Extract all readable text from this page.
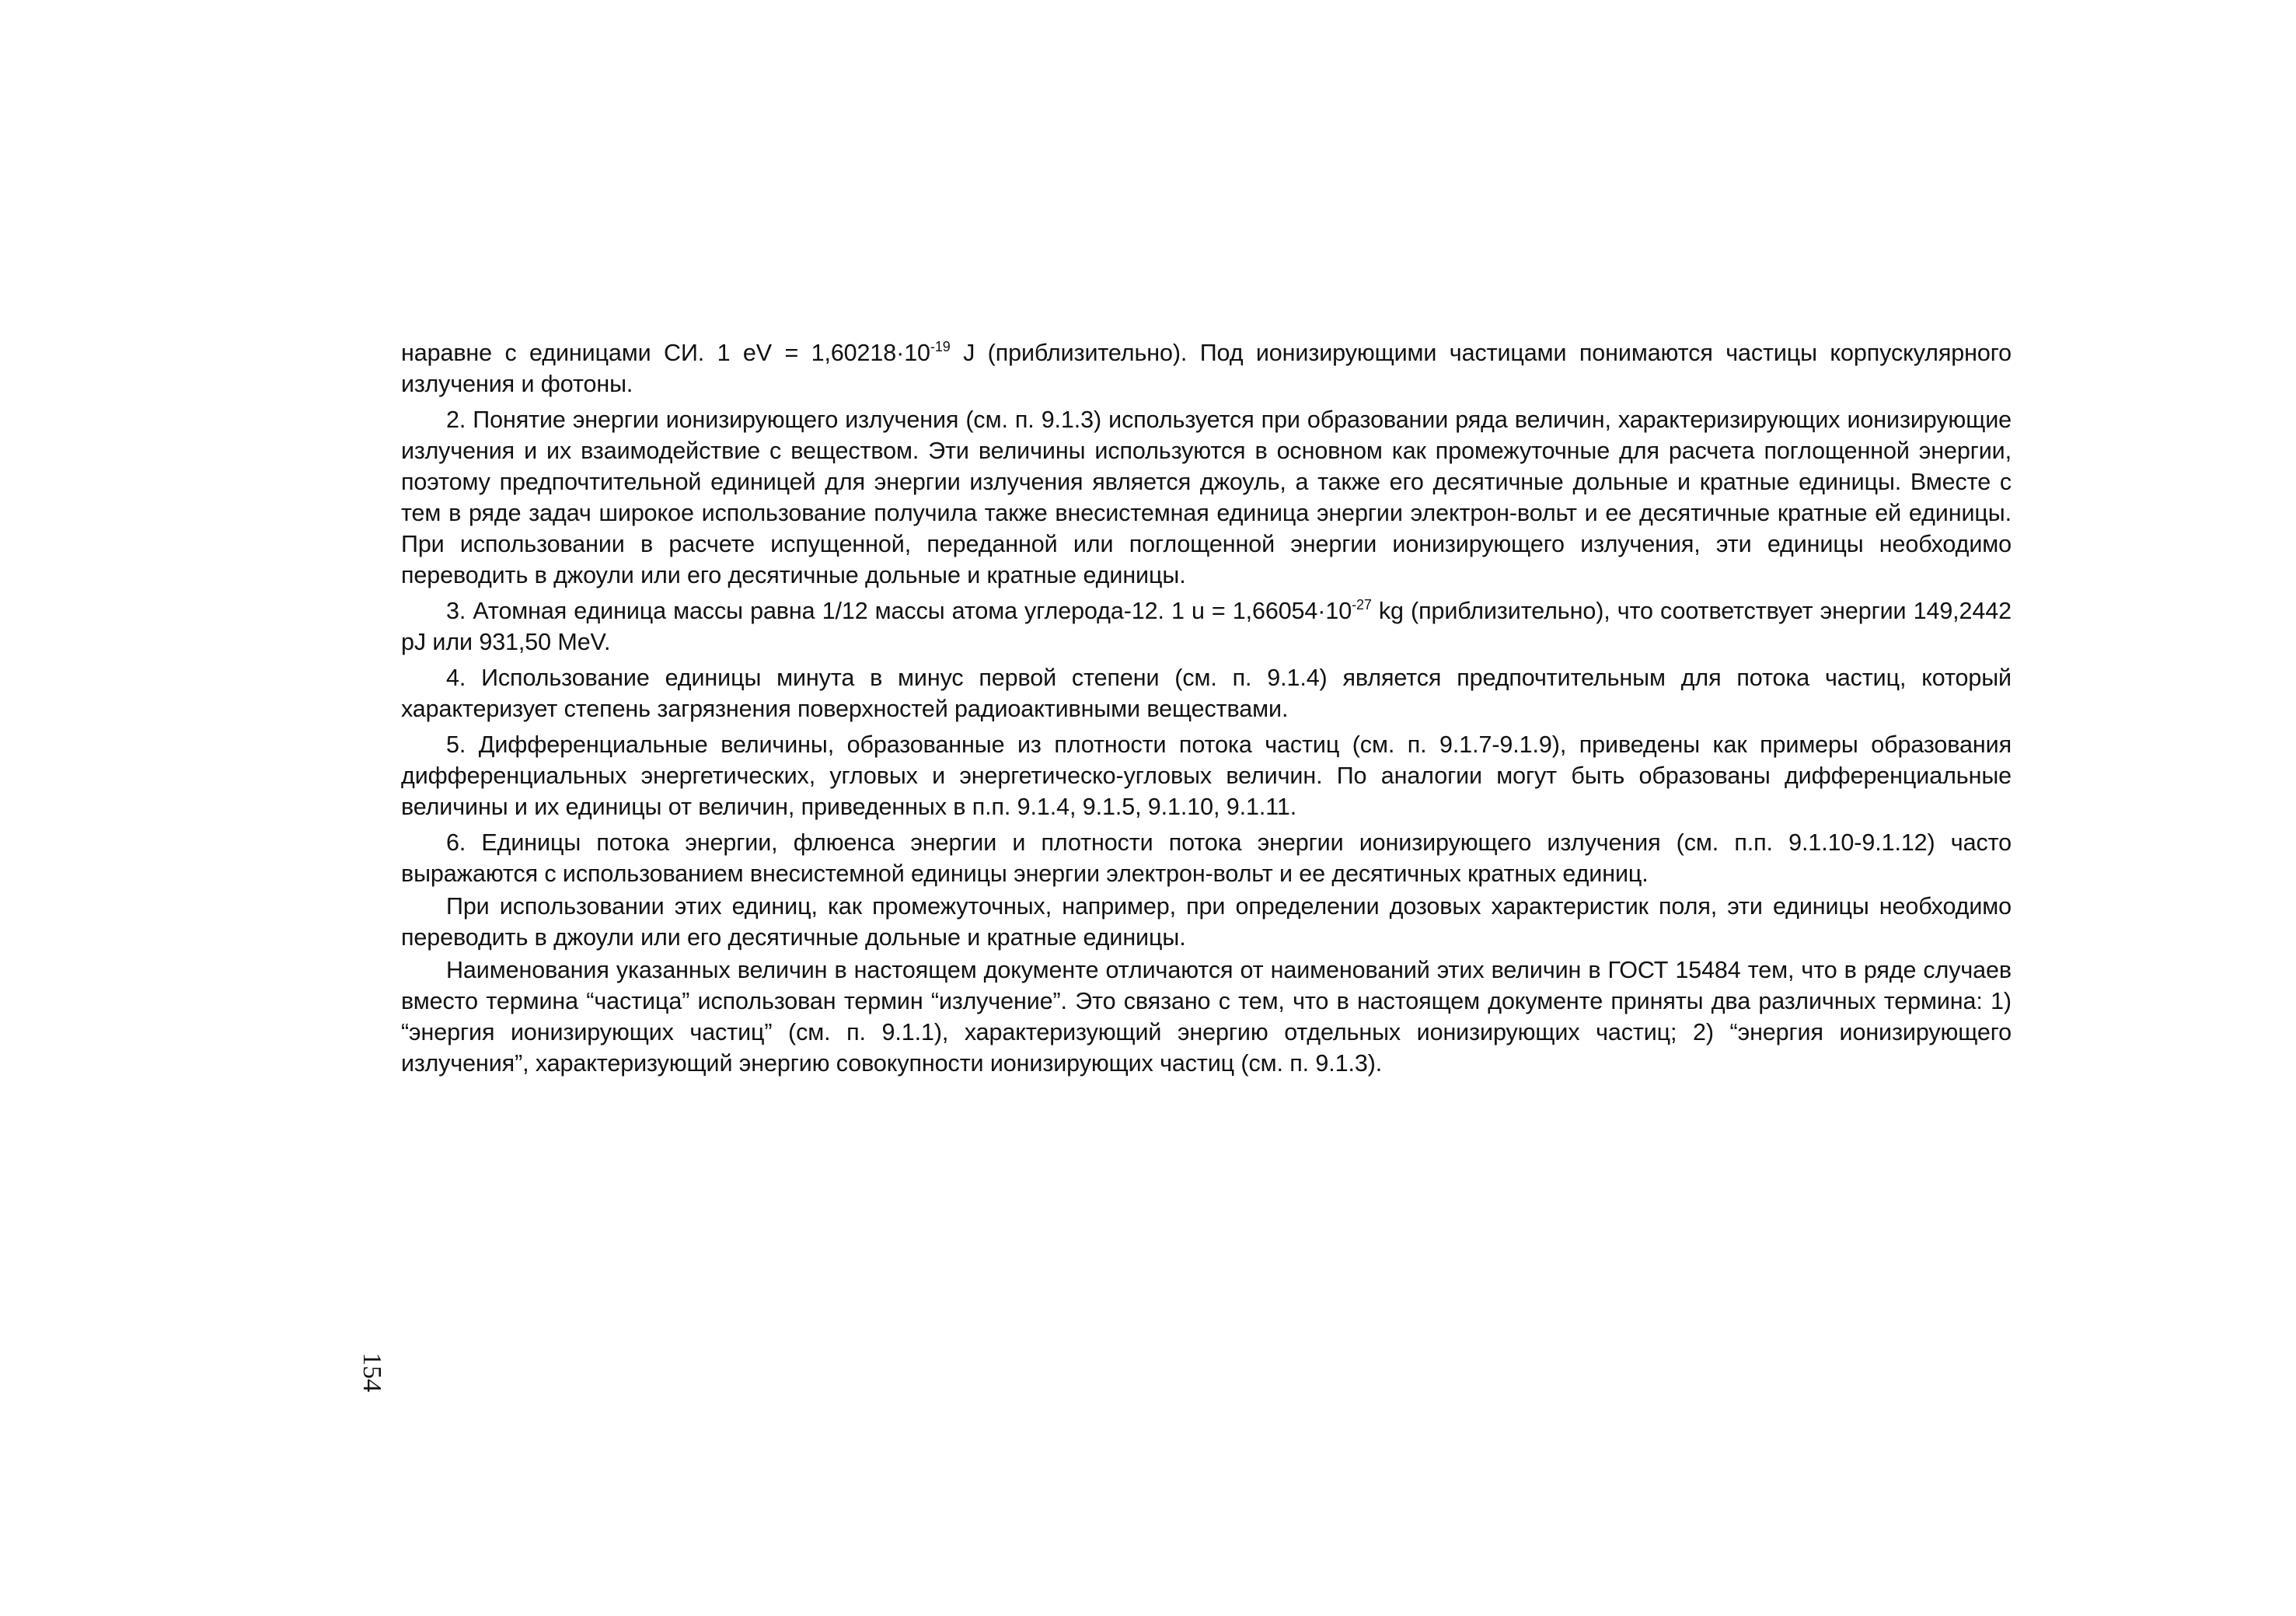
наравне с единицами СИ. 1 eV = $1,60218\cdot 10^{-19}$ J (приблизительно). Под ионизирующими частицами понимаются частицы корпускулярного излучения и фотоны.

2. Понятие энергии ионизирующего излучения (см. п. 9.1.3) используется при образовании ряда величин, характеризирующих ионизирующие излучения и их взаимодействие с веществом. Эти величины используются в основном как промежуточные для расчета поглощенной энергии, поэтому предпочтительной единицей для энергии излучения является джоуль, а также его десятичные дольные и кратные единицы. Вместе с тем в ряде задач широкое использование получила также внесистемная единица энергии электрон-вольт и ее десятичные кратные ей единицы. При использовании в расчете испущенной, переданной или поглощенной энергии ионизирующего излучения, эти единицы необходимо переводить в джоули или его десятичные дольные и кратные единицы.

3. Атомная единица массы равна 1/12 массы атома углерода-12. 1 $u = 1,66054\cdot 10^{-27}$ kg (приблизительно), что соответствует энергии 149,2442 pJ или 931,50 MeV.

4. Использование единицы минута в минус первой степени (см. п. 9.1.4) является предпочтительным для потока частиц, который характеризует степень загрязнения поверхностей радиоактивными веществами.

5. Дифференциальные величины, образованные из плотности потока частиц (см. п. 9.1.7-9.1.9), приведены как примеры образования дифференциальных энергетических, угловых и энергетическо-угловых величин. По аналогии могут быть образованы дифференциальные величины и их единицы от величин, приведенных в п.п. 9.1.4, 9.1.5, 9.1.10, 9.1.11.

6. Единицы потока энергии, флюенса энергии и плотности потока энергии ионизирующего излучения (см. п.п. 9.1.10-9.1.12) часто выражаются с использованием внесистемной единицы энергии электрон-вольт и ее десятичных кратных единиц.

При использовании этих единиц, как промежуточных, например, при определении дозовых характеристик поля, эти единицы необходимо переводить в джоули или его десятичные дольные и кратные единицы.

Наименования указанных величин в настоящем документе отличаются от наименований этих величин в ГОСТ 15484 тем, что в ряде случаев вместо термина “частица” использован термин “излучение”. Это связано с тем, что в настоящем документе приняты два различных термина: 1) “энергия ионизирующих частиц” (см. п. 9.1.1), характеризующий энергию отдельных ионизирующих частиц; 2) “энергия ионизирующего излучения”, характеризующий энергию совокупности ионизирующих частиц (см. п. 9.1.3).

154
